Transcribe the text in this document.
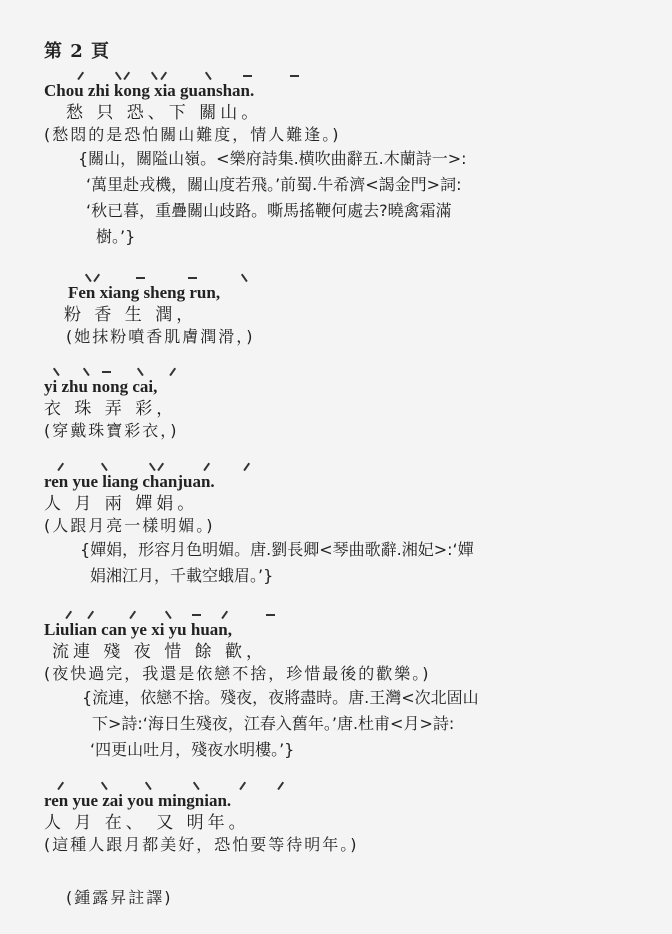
第 2 頁
Chou zhi kong xia guanshan.
愁 只 恐、下 關山。
(愁悶的是恐怕關山難度，情人難逢。)
{關山，關隘山嶺。<樂府詩集.横吹曲辭五.木蘭詩一>:
‘萬里赴戎機，關山度若飛。’前蜀.牛希濟<謁金門>詞:
‘秋已暮，重疊關山歧路。嘶馬搖鞭何處去?曉禽霜滿
樹。’}
Fen xiang sheng run,
粉 香 生 潤，
(她抹粉噴香肌膚潤滑，)
yi zhu nong cai,
衣 珠 弄 彩，
(穿戴珠寶彩衣，)
ren yue liang chanjuan.
人 月 兩 嬋娟。
(人跟月亮一樣明媚。)
{嬋娟，形容月色明媚。唐.劉長卿<琴曲歌辭.湘妃>:‘嬋
娟湘江月，千載空蛾眉。’}
Liulian can ye xi yu huan,
流連 殘 夜 惜 餘 歡，
(夜快過完，我還是依戀不捨，珍惜最後的歡樂。)
{流連，依戀不捨。殘夜，夜將盡時。唐.王灣<次北固山
下>詩:‘海日生殘夜，江春入舊年。’唐.杜甫<月>詩:
‘四更山吐月，殘夜水明樓。’}
ren yue zai you mingnian.
人 月 在、 又 明年。
(這種人跟月都美好，恐怕要等待明年。)
(鍾露昇註譯)
